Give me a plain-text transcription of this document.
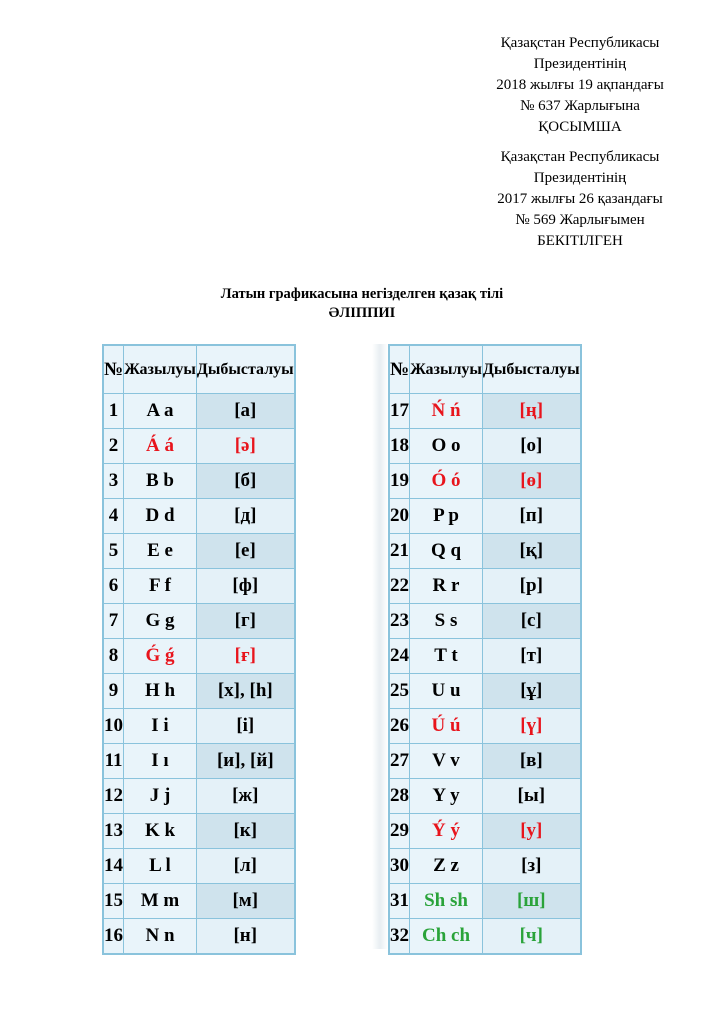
Қазақстан Республикасы
Президентінің
2018 жылғы 19 ақпандағы
№ 637 Жарлығына
ҚОСЫМША
Қазақстан Республикасы
Президентінің
2017 жылғы 26 қазандағы
№ 569 Жарлығымен
БЕКІТІЛГЕН
Латын графикасына негізделген қазақ тілі
ӘЛІППИІ
№	Жазылуы	Дыбысталуы
1	A a	[а]
2	Á á	[ә]
3	B b	[б]
4	D d	[д]
5	E e	[е]
6	F f	[ф]
7	G g	[г]
8	Ǵ ǵ	[ғ]
9	H h	[х], [һ]
10	I i	[і]
11	I ı	[и], [й]
12	J j	[ж]
13	K k	[к]
14	L l	[л]
15	M m	[м]
16	N n	[н]
№	Жазылуы	Дыбысталуы
17	Ń ń	[ң]
18	O o	[о]
19	Ó ó	[ө]
20	P p	[п]
21	Q q	[қ]
22	R r	[р]
23	S s	[с]
24	T t	[т]
25	U u	[ұ]
26	Ú ú	[ү]
27	V v	[в]
28	Y y	[ы]
29	Ý ý	[у]
30	Z z	[з]
31	Sh sh	[ш]
32	Ch ch	[ч]
